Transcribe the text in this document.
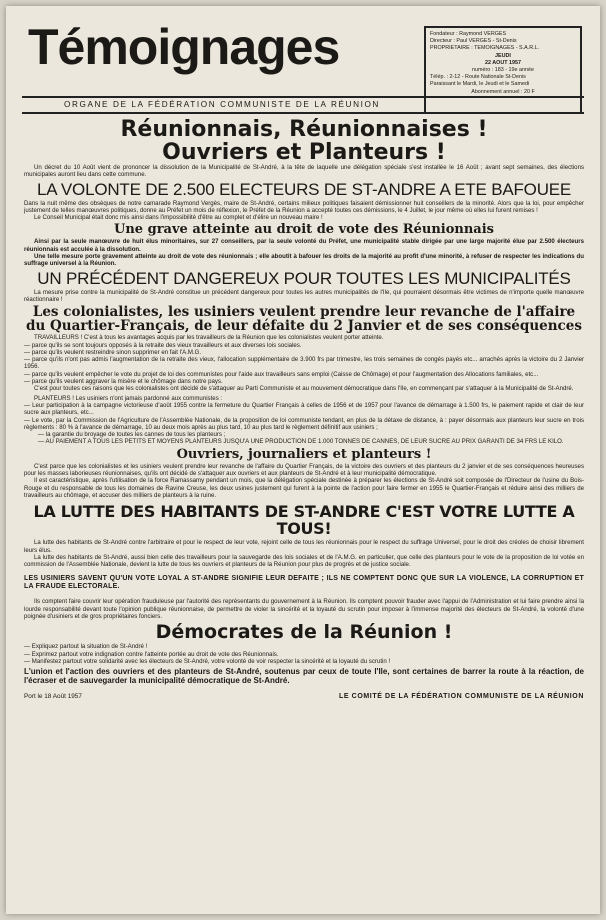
Témoignages	Fondateur : Raymond VERGES
Directeur : Paul VERGES - St-Denis
PROPRIETAIRE : TEMOIGNAGES - S.A.R.L.
JEUDI
22 AOUT 1957
numéro : 183 - 19e année
Télép. : 2-12 - Route Nationale St-Denis
Paraissant le Mardi, le Jeudi et le Samedi
Abonnement annuel : 20 F
ORGANE DE LA FÉDÉRATION COMMUNISTE DE LA RÉUNION
Réunionnais, Réunionnaises !
Ouvriers et Planteurs !

Un décret du 10 Août vient de prononcer la dissolution de la Municipalité de St-André, à la tête de laquelle une délégation spéciale s'est installée le 16 Août ; avant sept semaines, des élections municipales auront lieu dans cette commune.

LA VOLONTE DE 2.500 ELECTEURS DE ST-ANDRE A ETE BAFOUEE

Dans la nuit même des obsèques de notre camarade Raymond Vergès, maire de St-André, certains milieux politiques faisaient démissionner huit conseillers de la minorité. Alors que la loi, pour empêcher justement de telles manœuvres politiques, donne au Préfet un mois de réflexion, le Préfet de la Réunion a accepté toutes ces démissions, le 4 Juillet, le jour même où elles lui furent remises !

Le Conseil Municipal était donc mis ainsi dans l'impossibilité d'être au complet et d'élire un nouveau maire !

Une grave atteinte au droit de vote des Réunionnais

Ainsi par la seule manœuvre de huit élus minoritaires, sur 27 conseillers, par la seule volonté du Préfet, une municipalité stable dirigée par une large majorité élue par 2.500 électeurs réunionnais est acculée à la dissolution.

Une telle mesure porte gravement atteinte au droit de vote des réunionnais ; elle aboutit à bafouer les droits de la majorité au profit d'une minorité, à refuser de respecter les indications du suffrage universel à la Réunion.

UN PRÉCÉDENT DANGEREUX POUR TOUTES LES MUNICIPALITÉS

La mesure prise contre la municipalité de St-André constitue un précédent dangereux pour toutes les autres municipalités de l'Ile, qui pourraient désormais être victimes de n'importe quelle manœuvre réactionnaire !

Les colonialistes, les usiniers veulent prendre leur revanche de l'affaire du Quartier-Français, de leur défaite du 2 Janvier et de ses conséquences

TRAVAILLEURS ! C'est à tous les avantages acquis par les travailleurs de la Réunion que les colonialistes veulent porter atteinte.

— parce qu'ils se sont toujours opposés à la retraite des vieux travailleurs et aux diverses lois sociales.

— parce qu'ils veulent restreindre sinon supprimer en fait l'A.M.G.

— parce qu'ils n'ont pas admis l'augmentation de la retraite des vieux, l'allocation supplémentaire de 3.900 frs par trimestre, les trois semaines de congés payés etc... arrachés après la victoire du 2 Janvier 1956.

— parce qu'ils veulent empêcher le vote du projet de loi des communistes pour l'aide aux travailleurs sans emploi (Caisse de Chômage) et pour l'augmentation des Allocations familiales, etc...

— parce qu'ils veulent aggraver la misère et le chômage dans notre pays.

C'est pour toutes ces raisons que les colonialistes ont décidé de s'attaquer au Parti Communiste et au mouvement démocratique dans l'Ile, en commençant par s'attaquer à la Municipalité de St-André.

PLANTEURS ! Les usiniers n'ont jamais pardonné aux communistes :

— Leur participation à la campagne victorieuse d'août 1955 contre la fermeture du Quartier Français à celles de 1956 et de 1957 pour l'avance de démarrage à 1.500 frs, le paiement rapide et clair de leur sucre aux planteurs, etc...

— Le vote, par la Commission de l'Agriculture de l'Assemblée Nationale, de la proposition de loi communiste tendant, en plus de la détaxe de distance, à : payer désormais aux planteurs leur sucre en trois règlements : 80 % à l'avance de démarrage, 10 au deux mois après au plus tard, 10 au plus tard le règlement définitif aux usiniers ;

— la garantie du broyage de toutes les cannes de tous les planteurs ;

— AU PAIEMENT A TOUS LES PETITS ET MOYENS PLANTEURS JUSQU'A UNE PRODUCTION DE 1.000 TONNES DE CANNES, DE LEUR SUCRE AU PRIX GARANTI DE 34 FRS LE KILO.

Ouvriers, journaliers et planteurs !

C'est parce que les colonialistes et les usiniers veulent prendre leur revanche de l'affaire du Quartier Français, de la victoire des ouvriers et des planteurs du 2 janvier et de ses conséquences heureuses pour les masses laborieuses réunionnaises, qu'ils ont décidé de s'attaquer aux ouvriers et aux planteurs de St-André et à leur municipalité démocratique.

Il est caractéristique, après l'utilisation de la force Ramassamy pendant un mois, que la délégation spéciale destinée à préparer les élections de St-André soit composée de l'Directeur de l'usine du Bois-Rouge et du responsable de tous les domaines de Ravine Creuse, les deux usines justement qui furent à la pointe de l'action pour faire fermer en 1955 le Quartier-Français et réduire ainsi des milliers de travailleurs au chômage, et accuser des milliers de planteurs à la ruine.

LA LUTTE DES HABITANTS DE ST-ANDRE C'EST VOTRE LUTTE A TOUS!

La lutte des habitants de St-André contre l'arbitraire et pour le respect de leur vote, rejoint celle de tous les réunionnais pour le respect du suffrage Universel, pour le droit des créoles de choisir librement leurs élus.

La lutte des habitants de St-André, aussi bien celle des travailleurs pour la sauvegarde des lois sociales et de l'A.M.G. en particulier, que celle des planteurs pour le vote de la proposition de loi votée en commission de l'Assemblée Nationale, devient la lutte de tous les ouvriers et planteurs de la Réunion pour plus de progrès et de justice sociale.

LES USINIERS SAVENT QU'UN VOTE LOYAL A ST-ANDRE SIGNIFIE LEUR DEFAITE ; ILS NE COMPTENT DONC QUE SUR LA VIOLENCE, LA CORRUPTION ET LA FRAUDE ELECTORALE.

Ils comptent faire couvrir leur opération frauduleuse par l'autorité des représentants du gouvernement à la Réunion. Ils comptent pouvoir frauder avec l'appui de l'Administration et lui faire prendre ainsi la lourde responsabilité devant toute l'opinion publique réunionnaise, de permettre de violer la sincérité et la loyauté du scrutin pour imposer à l'immense majorité des électeurs de St-André, la volonté d'une poignée d'usiniers et de gros propriétaires fonciers.

Démocrates de la Réunion !

— Expliquez partout la situation de St-André !

— Exprimez partout votre indignation contre l'atteinte portée au droit de vote des Réunionnais.

— Manifestez partout votre solidarité avec les électeurs de St-André, votre volonté de voir respecter la sincérité et la loyauté du scrutin !

L'union et l'action des ouvriers et des planteurs de St-André, soutenus par ceux de toute l'Ile, sont certaines de barrer la route à la réaction, de l'écraser et de sauvegarder la municipalité démocratique de St-André.

Port le 18 Août 1957	LE COMITÉ DE LA FÉDÉRATION COMMUNISTE DE LA RÉUNION
